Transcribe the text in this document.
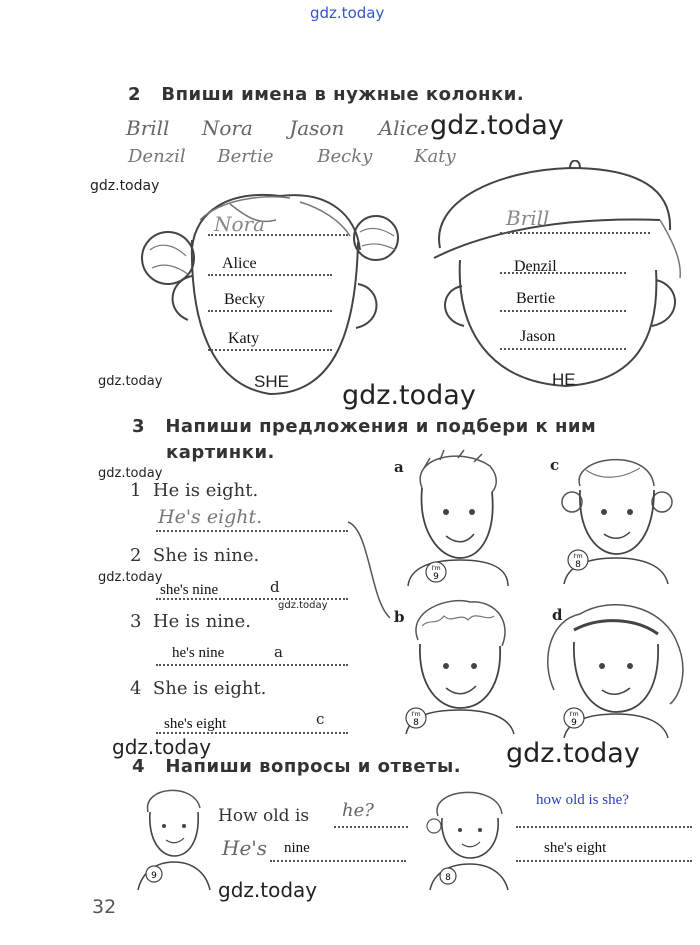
gdz.today
gdz.today
gdz.today
gdz.today	gdz.today
gdz.today
gdz.today
gdz.today
gdz.today	gdz.today
gdz.today
2 Впиши имена в нужные колонки.
Brill Nora Jason Alice
Denzil Bertie Becky Katy
Nora
Alice
Becky
Katy
SHE
Brill
Denzil
Bertie
Jason
HE
3 Напиши предложения и подбери к ним
картинки.
1 He is eight.
He's eight.
2 She is nine.
she's nine	d
3 He is nine.
he's nine	a
4 She is eight.
she's eight	c
a
I'm
9
c
I'm
8
b
I'm
8
d
I'm
9
4 Напиши вопросы и ответы.
9
How old is he?
He's nine
8
how old is she?
she's eight
32
